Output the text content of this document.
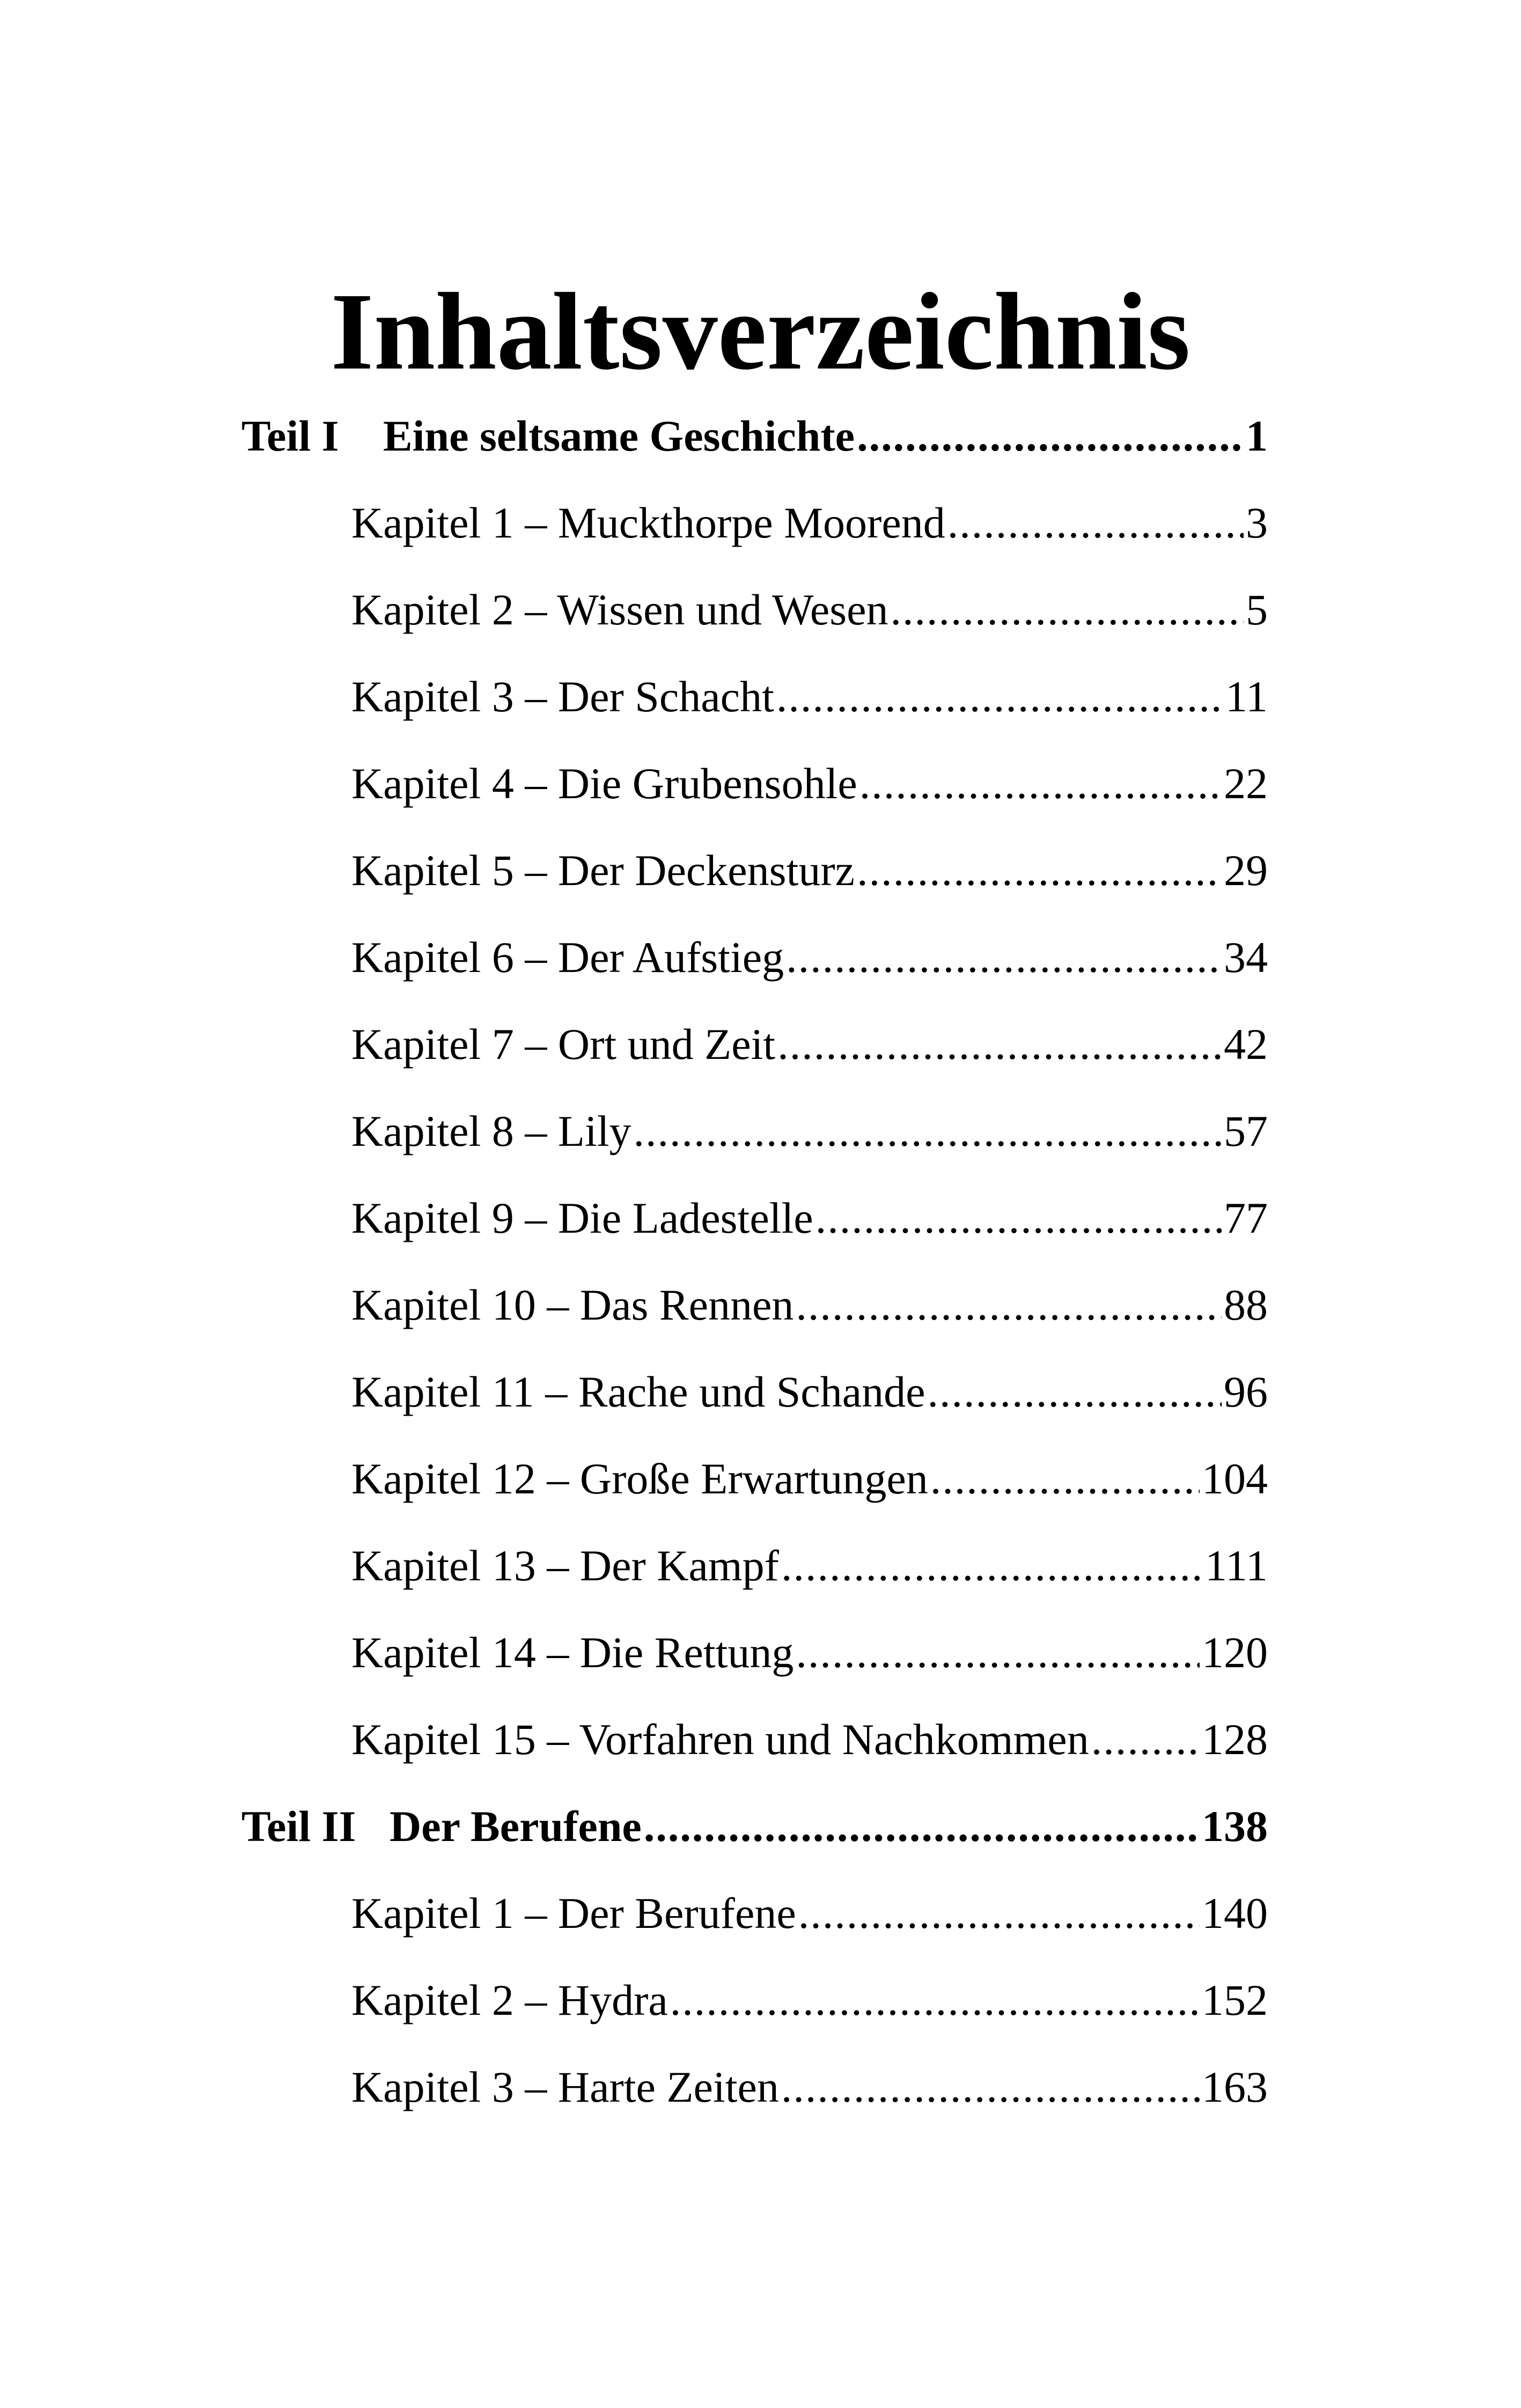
Inhaltsverzeichnis
Teil I	Eine seltsame Geschichte .....	1
Kapitel 1 – Muckthorpe Moorend .....	3
Kapitel 2 – Wissen und Wesen .....	5
Kapitel 3 – Der Schacht .....	11
Kapitel 4 – Die Grubensohle .....	22
Kapitel 5 – Der Deckensturz .....	29
Kapitel 6 – Der Aufstieg .....	34
Kapitel 7 – Ort und Zeit .....	42
Kapitel 8 – Lily .....	57
Kapitel 9 – Die Ladestelle .....	77
Kapitel 10 – Das Rennen .....	88
Kapitel 11 – Rache und Schande .....	96
Kapitel 12 – Große Erwartungen .....	104
Kapitel 13 – Der Kampf .....	111
Kapitel 14 – Die Rettung .....	120
Kapitel 15 – Vorfahren und Nachkommen .....	128
Teil II Der Berufene .....	138
Kapitel 1 – Der Berufene .....	140
Kapitel 2 – Hydra .....	152
Kapitel 3 – Harte Zeiten .....	163
